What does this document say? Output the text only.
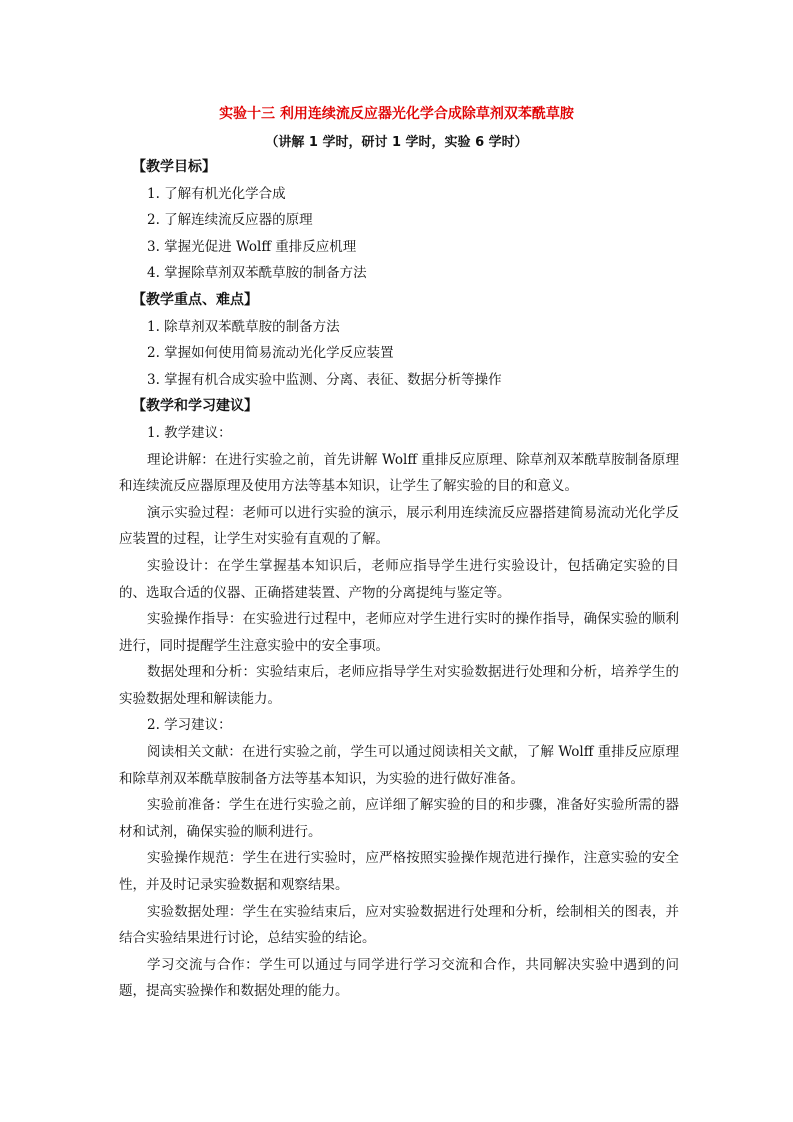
实验十三 利用连续流反应器光化学合成除草剂双苯酰草胺
（讲解 1 学时，研讨 1 学时，实验 6 学时）
【教学目标】
1. 了解有机光化学合成
2. 了解连续流反应器的原理
3. 掌握光促进 Wolff 重排反应机理
4. 掌握除草剂双苯酰草胺的制备方法
【教学重点、难点】
1. 除草剂双苯酰草胺的制备方法
2. 掌握如何使用简易流动光化学反应装置
3. 掌握有机合成实验中监测、分离、表征、数据分析等操作
【教学和学习建议】
1. 教学建议：
理论讲解：在进行实验之前，首先讲解 Wolff 重排反应原理、除草剂双苯酰草胺制备原理和连续流反应器原理及使用方法等基本知识，让学生了解实验的目的和意义。
演示实验过程：老师可以进行实验的演示，展示利用连续流反应器搭建简易流动光化学反应装置的过程，让学生对实验有直观的了解。
实验设计：在学生掌握基本知识后，老师应指导学生进行实验设计，包括确定实验的目的、选取合适的仪器、正确搭建装置、产物的分离提纯与鉴定等。
实验操作指导：在实验进行过程中，老师应对学生进行实时的操作指导，确保实验的顺利进行，同时提醒学生注意实验中的安全事项。
数据处理和分析：实验结束后，老师应指导学生对实验数据进行处理和分析，培养学生的实验数据处理和解读能力。
2. 学习建议：
阅读相关文献：在进行实验之前，学生可以通过阅读相关文献，了解 Wolff 重排反应原理和除草剂双苯酰草胺制备方法等基本知识，为实验的进行做好准备。
实验前准备：学生在进行实验之前，应详细了解实验的目的和步骤，准备好实验所需的器材和试剂，确保实验的顺利进行。
实验操作规范：学生在进行实验时，应严格按照实验操作规范进行操作，注意实验的安全性，并及时记录实验数据和观察结果。
实验数据处理：学生在实验结束后，应对实验数据进行处理和分析，绘制相关的图表，并结合实验结果进行讨论，总结实验的结论。
学习交流与合作：学生可以通过与同学进行学习交流和合作，共同解决实验中遇到的问题，提高实验操作和数据处理的能力。
